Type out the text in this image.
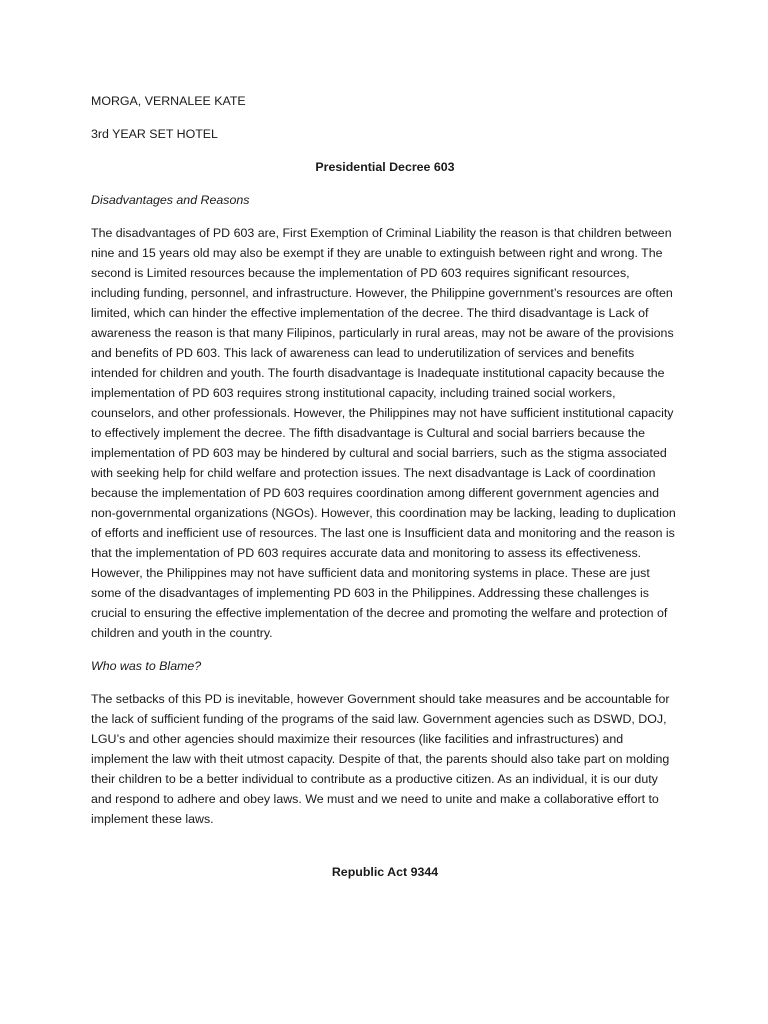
MORGA, VERNALEE KATE

3rd YEAR SET HOTEL

Presidential Decree 603

Disadvantages and Reasons

The disadvantages of PD 603 are, First Exemption of Criminal Liability the reason is that children between nine and 15 years old may also be exempt if they are unable to extinguish between right and wrong. The second is Limited resources because the implementation of PD 603 requires significant resources, including funding, personnel, and infrastructure. However, the Philippine government’s resources are often limited, which can hinder the effective implementation of the decree. The third disadvantage is Lack of awareness the reason is that many Filipinos, particularly in rural areas, may not be aware of the provisions and benefits of PD 603. This lack of awareness can lead to underutilization of services and benefits intended for children and youth. The fourth disadvantage is Inadequate institutional capacity because the implementation of PD 603 requires strong institutional capacity, including trained social workers, counselors, and other professionals. However, the Philippines may not have sufficient institutional capacity to effectively implement the decree. The fifth disadvantage is Cultural and social barriers because the implementation of PD 603 may be hindered by cultural and social barriers, such as the stigma associated with seeking help for child welfare and protection issues. The next disadvantage is Lack of coordination because the implementation of PD 603 requires coordination among different government agencies and non-governmental organizations (NGOs). However, this coordination may be lacking, leading to duplication of efforts and inefficient use of resources. The last one is Insufficient data and monitoring and the reason is that the implementation of PD 603 requires accurate data and monitoring to assess its effectiveness. However, the Philippines may not have sufficient data and monitoring systems in place. These are just some of the disadvantages of implementing PD 603 in the Philippines. Addressing these challenges is crucial to ensuring the effective implementation of the decree and promoting the welfare and protection of children and youth in the country.

Who was to Blame?

The setbacks of this PD is inevitable, however Government should take measures and be accountable for the lack of sufficient funding of the programs of the said law. Government agencies such as DSWD, DOJ, LGU’s and other agencies should maximize their resources (like facilities and infrastructures) and implement the law with theit utmost capacity. Despite of that, the parents should also take part on molding their children to be a better individual to contribute as a productive citizen. As an individual, it is our duty and respond to adhere and obey laws. We must and we need to unite and make a collaborative effort to implement these laws.

Republic Act 9344
